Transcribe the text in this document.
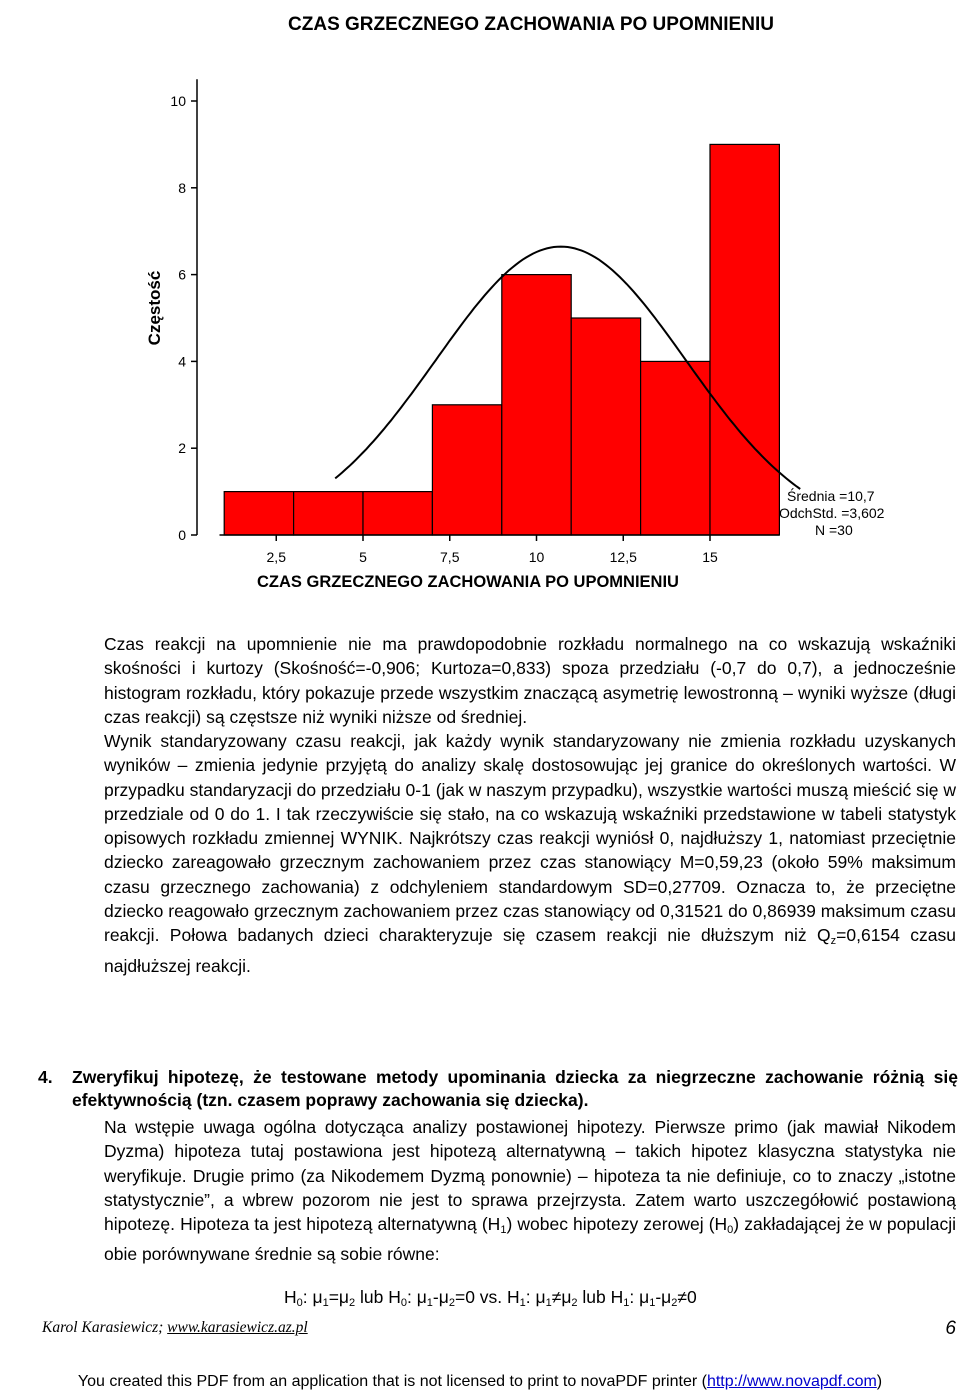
CZAS GRZECZNEGO ZACHOWANIA PO UPOMNIENIU
0
2
4
6
8
10
2,5	5	7,5	10	12,5	15
Częstość
CZAS GRZECZNEGO ZACHOWANIA PO UPOMNIENIU
Średnia =10,7
OdchStd. =3,602
N =30

Czas reakcji na upomnienie nie ma prawdopodobnie rozkładu normalnego na co wskazują wskaźniki skośności i kurtozy (Skośność=-0,906; Kurtoza=0,833) spoza przedziału (-0,7 do 0,7), a jednocześnie histogram rozkładu, który pokazuje przede wszystkim znaczącą asymetrię lewostronną – wyniki wyższe (długi czas reakcji) są częstsze niż wyniki niższe od średniej.

Wynik standaryzowany czasu reakcji, jak każdy wynik standaryzowany nie zmienia rozkładu uzyskanych wyników – zmienia jedynie przyjętą do analizy skalę dostosowując jej granice do określonych wartości. W przypadku standaryzacji do przedziału 0-1 (jak w naszym przypadku), wszystkie wartości muszą mieścić się w przedziale od 0 do 1. I tak rzeczywiście się stało, na co wskazują wskaźniki przedstawione w tabeli statystyk opisowych rozkładu zmiennej WYNIK. Najkrótszy czas reakcji wyniósł 0, najdłuższy 1, natomiast przeciętnie dziecko zareagowało grzecznym zachowaniem przez czas stanowiący M=0,59,23 (około 59% maksimum czasu grzecznego zachowania) z odchyleniem standardowym SD=0,27709. Oznacza to, że przeciętne dziecko reagowało grzecznym zachowaniem przez czas stanowiący od 0,31521 do 0,86939 maksimum czasu reakcji. Połowa badanych dzieci charakteryzuje się czasem reakcji nie dłuższym niż $Q_z=0,6154$ czasu najdłuższej reakcji.

4. Zweryfikuj hipotezę, że testowane metody upominania dziecka za niegrzeczne zachowanie różnią się efektywnością (tzn. czasem poprawy zachowania się dziecka).

Na wstępie uwaga ogólna dotycząca analizy postawionej hipotezy. Pierwsze primo (jak mawiał Nikodem Dyzma) hipoteza tutaj postawiona jest hipotezą alternatywną – takich hipotez klasyczna statystyka nie weryfikuje. Drugie primo (za Nikodemem Dyzmą ponownie) – hipoteza ta nie definiuje, co to znaczy „istotne statystycznie”, a wbrew pozorom nie jest to sprawa przejrzysta. Zatem warto uszczegółowić postawioną hipotezę. Hipoteza ta jest hipotezą alternatywną $(H_1)$ wobec hipotezy zerowej $(H_0)$ zakładającej że w populacji obie porównywane średnie są sobie równe:

$H_0$: $\mu_1=\mu_2$ lub $H_0$: $\mu_1-\mu_2=0$ vs. $H_1$: $\mu_1\ne\mu_2$ lub $H_1$: $\mu_1-\mu_2\ne 0$
Karol Karasiewicz; www.karasiewicz.az.pl	6
You created this PDF from an application that is not licensed to print to novaPDF printer (http://www.novapdf.com)
